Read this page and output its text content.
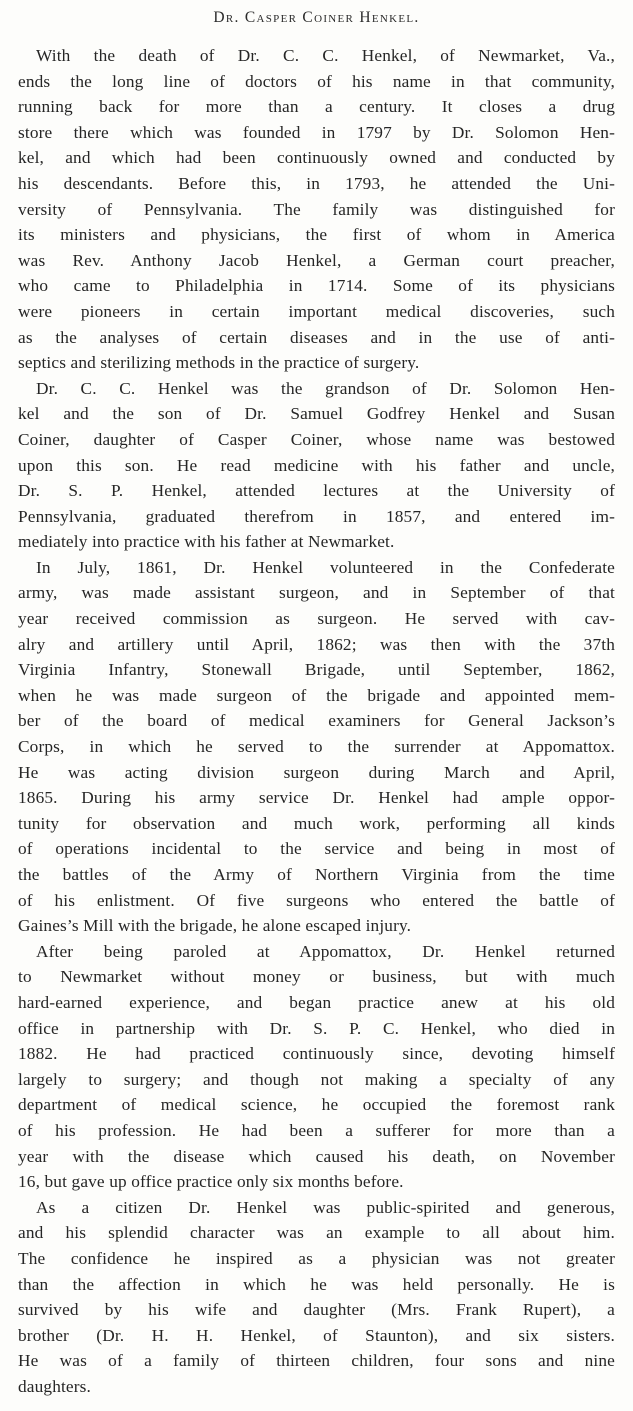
Dr. Casper Coiner Henkel.
With the death of Dr. C. C. Henkel, of Newmarket, Va.,
ends the long line of doctors of his name in that community,
running back for more than a century. It closes a drug
store there which was founded in 1797 by Dr. Solomon Hen-
kel, and which had been continuously owned and conducted by
his descendants. Before this, in 1793, he attended the Uni-
versity of Pennsylvania. The family was distinguished for
its ministers and physicians, the first of whom in America
was Rev. Anthony Jacob Henkel, a German court preacher,
who came to Philadelphia in 1714. Some of its physicians
were pioneers in certain important medical discoveries, such
as the analyses of certain diseases and in the use of anti-
septics and sterilizing methods in the practice of surgery.
Dr. C. C. Henkel was the grandson of Dr. Solomon Hen-
kel and the son of Dr. Samuel Godfrey Henkel and Susan
Coiner, daughter of Casper Coiner, whose name was bestowed
upon this son. He read medicine with his father and uncle,
Dr. S. P. Henkel, attended lectures at the University of
Pennsylvania, graduated therefrom in 1857, and entered im-
mediately into practice with his father at Newmarket.
In July, 1861, Dr. Henkel volunteered in the Confederate
army, was made assistant surgeon, and in September of that
year received commission as surgeon. He served with cav-
alry and artillery until April, 1862; was then with the 37th
Virginia Infantry, Stonewall Brigade, until September, 1862,
when he was made surgeon of the brigade and appointed mem-
ber of the board of medical examiners for General Jackson’s
Corps, in which he served to the surrender at Appomattox.
He was acting division surgeon during March and April,
1865. During his army service Dr. Henkel had ample oppor-
tunity for observation and much work, performing all kinds
of operations incidental to the service and being in most of
the battles of the Army of Northern Virginia from the time
of his enlistment. Of five surgeons who entered the battle of
Gaines’s Mill with the brigade, he alone escaped injury.
After being paroled at Appomattox, Dr. Henkel returned
to Newmarket without money or business, but with much
hard-earned experience, and began practice anew at his old
office in partnership with Dr. S. P. C. Henkel, who died in
1882. He had practiced continuously since, devoting himself
largely to surgery; and though not making a specialty of any
department of medical science, he occupied the foremost rank
of his profession. He had been a sufferer for more than a
year with the disease which caused his death, on November
16, but gave up office practice only six months before.
As a citizen Dr. Henkel was public-spirited and generous,
and his splendid character was an example to all about him.
The confidence he inspired as a physician was not greater
than the affection in which he was held personally. He is
survived by his wife and daughter (Mrs. Frank Rupert), a
brother (Dr. H. H. Henkel, of Staunton), and six sisters.
He was of a family of thirteen children, four sons and nine
daughters.
